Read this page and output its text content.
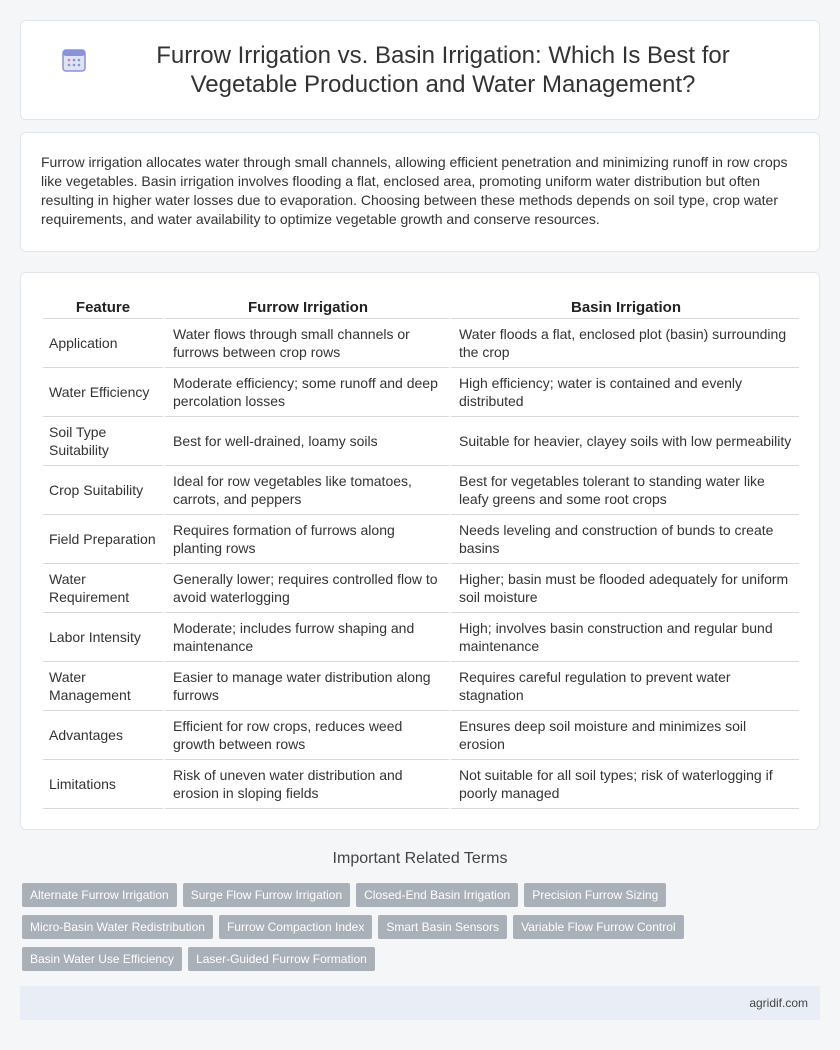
Furrow Irrigation vs. Basin Irrigation: Which Is Best for Vegetable Production and Water Management?

Furrow irrigation allocates water through small channels, allowing efficient penetration and minimizing runoff in row crops like vegetables. Basin irrigation involves flooding a flat, enclosed area, promoting uniform water distribution but often resulting in higher water losses due to evaporation. Choosing between these methods depends on soil type, crop water requirements, and water availability to optimize vegetable growth and conserve resources.

Feature	Furrow Irrigation	Basin Irrigation
Application	Water flows through small channels or furrows between crop rows	Water floods a flat, enclosed plot (basin) surrounding the crop
Water Efficiency	Moderate efficiency; some runoff and deep percolation losses	High efficiency; water is contained and evenly distributed
Soil Type Suitability	Best for well-drained, loamy soils	Suitable for heavier, clayey soils with low permeability
Crop Suitability	Ideal for row vegetables like tomatoes, carrots, and peppers	Best for vegetables tolerant to standing water like leafy greens and some root crops
Field Preparation	Requires formation of furrows along planting rows	Needs leveling and construction of bunds to create basins
Water Requirement	Generally lower; requires controlled flow to avoid waterlogging	Higher; basin must be flooded adequately for uniform soil moisture
Labor Intensity	Moderate; includes furrow shaping and maintenance	High; involves basin construction and regular bund maintenance
Water Management	Easier to manage water distribution along furrows	Requires careful regulation to prevent water stagnation
Advantages	Efficient for row crops, reduces weed growth between rows	Ensures deep soil moisture and minimizes soil erosion
Limitations	Risk of uneven water distribution and erosion in sloping fields	Not suitable for all soil types; risk of waterlogging if poorly managed
Important Related Terms
Alternate Furrow Irrigation	Surge Flow Furrow Irrigation	Closed-End Basin Irrigation	Precision Furrow Sizing
Micro-Basin Water Redistribution	Furrow Compaction Index	Smart Basin Sensors	Variable Flow Furrow Control
Basin Water Use Efficiency	Laser-Guided Furrow Formation
agridif.com
